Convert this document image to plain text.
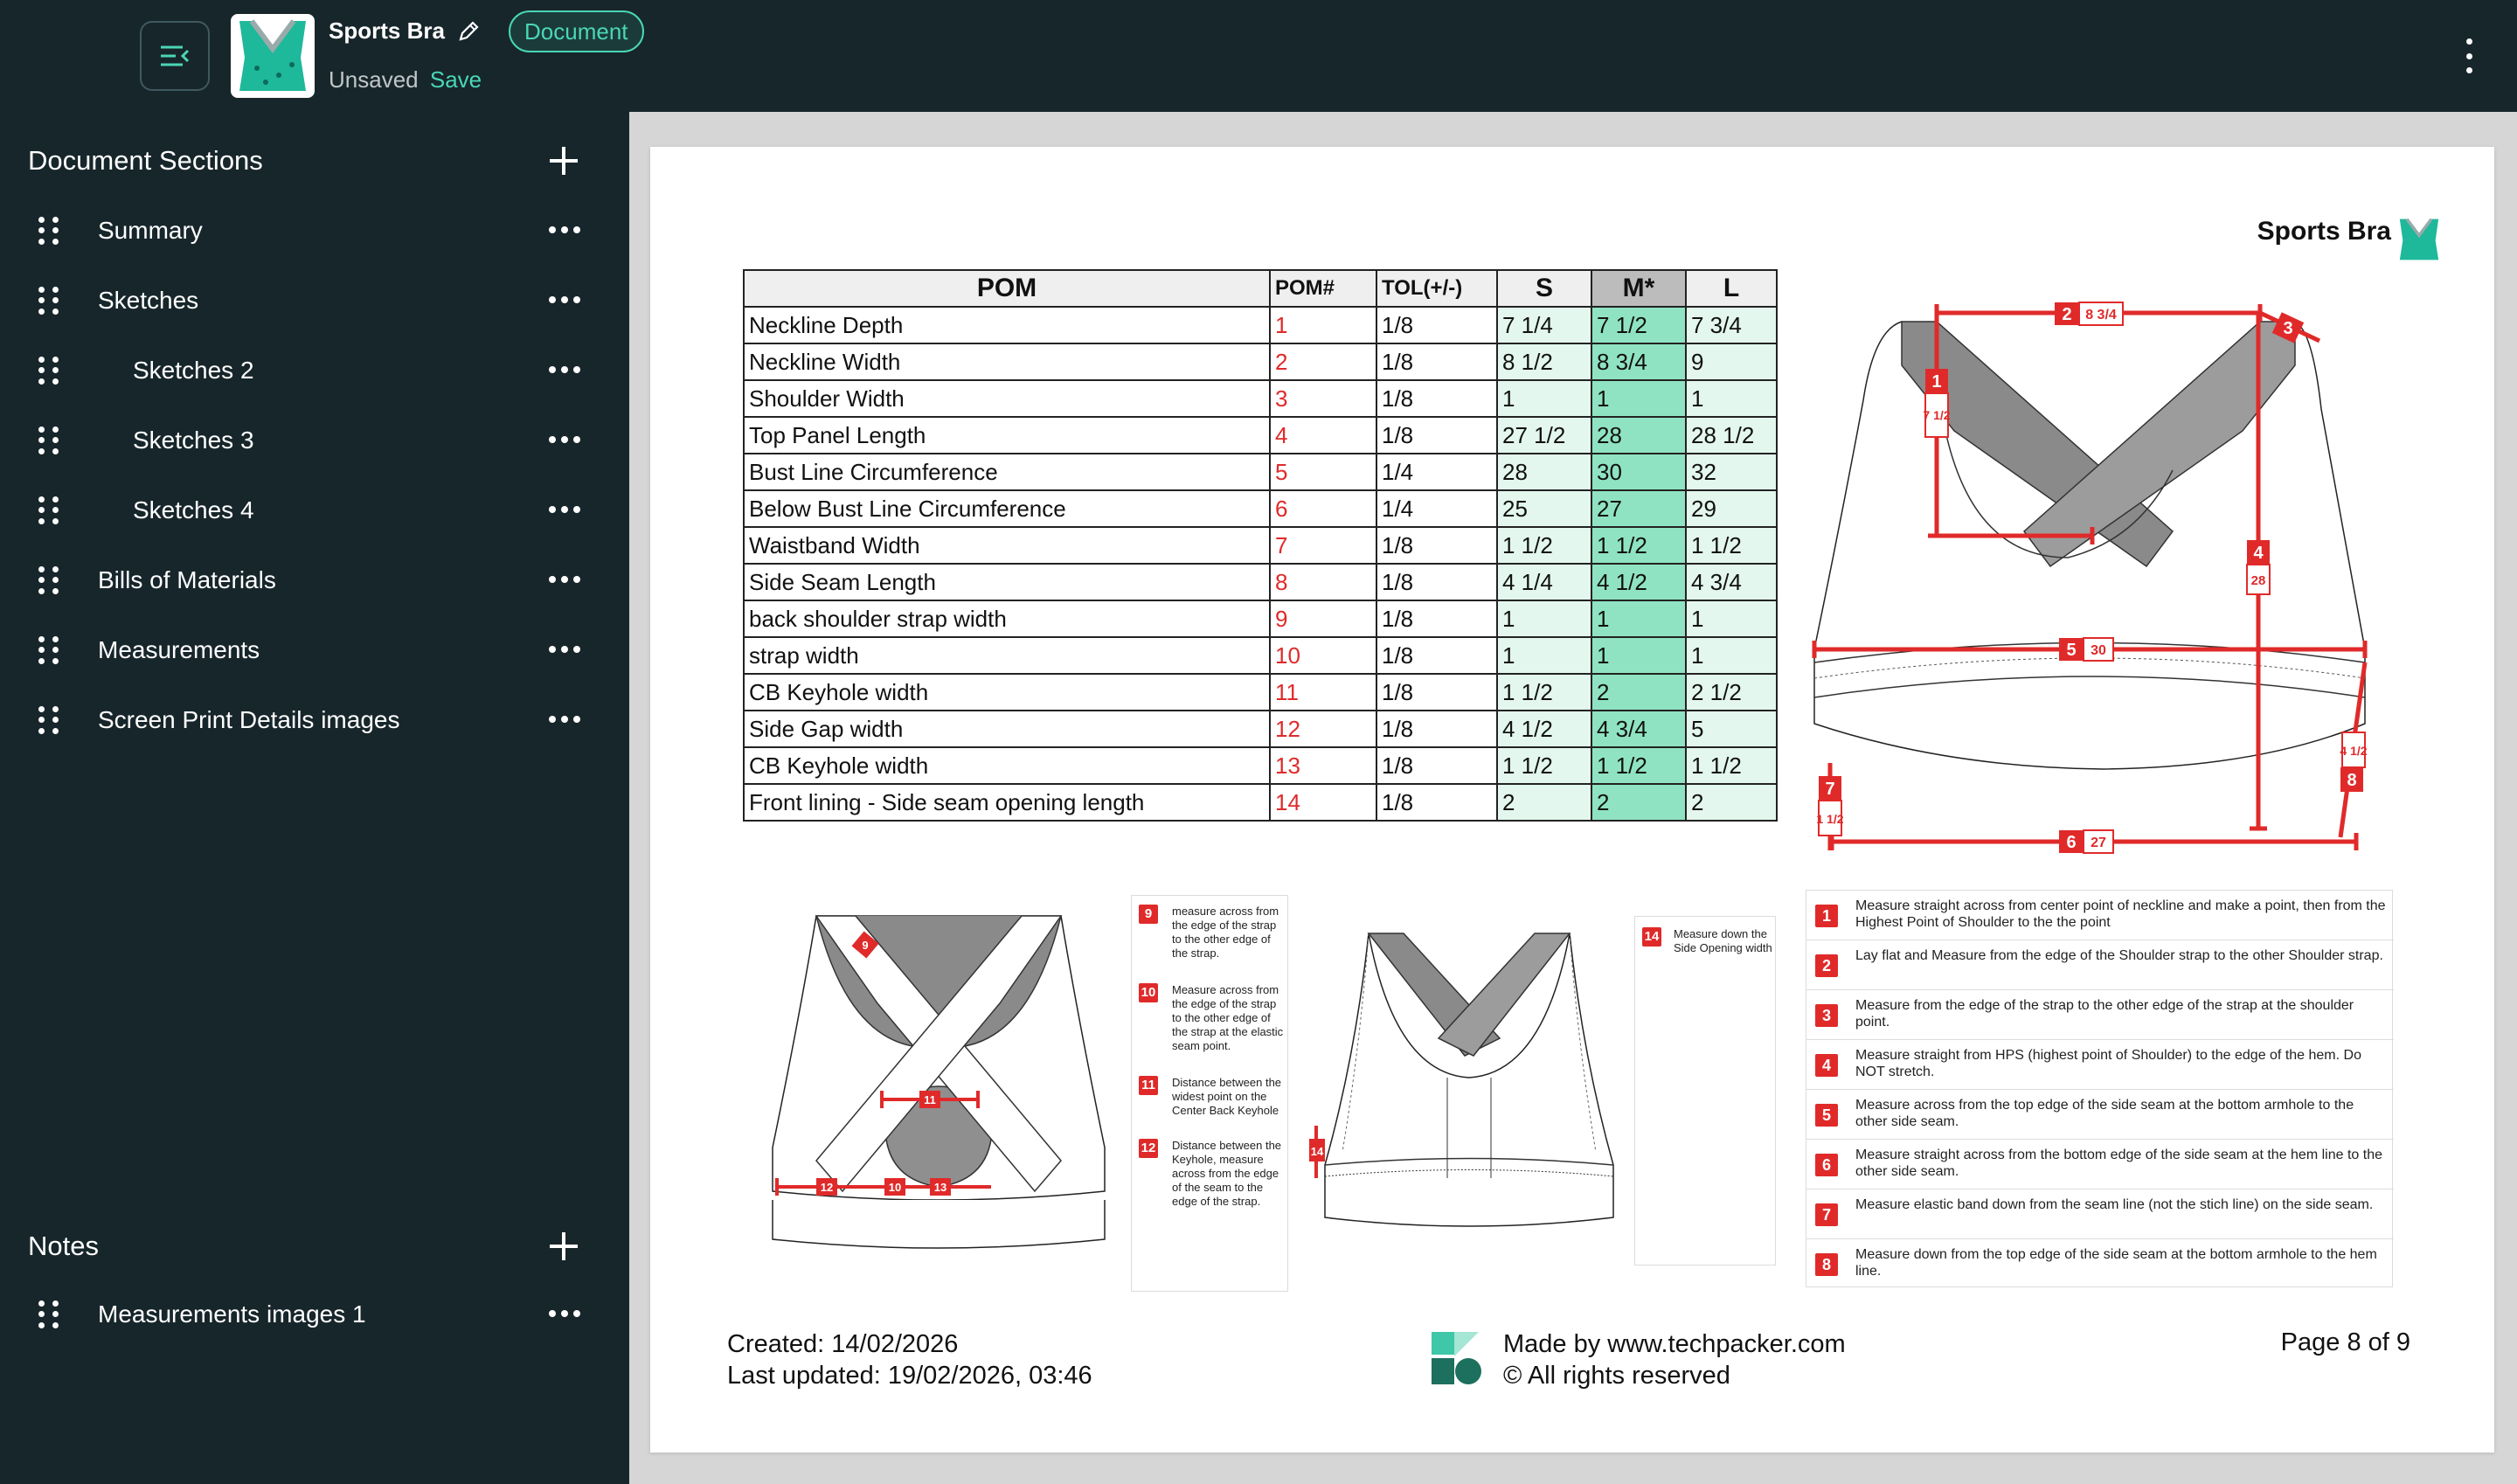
Sports Bra	Document
Unsaved Save
Document Sections
Summary
Sketches
Sketches 2
Sketches 3
Sketches 4
Bills of Materials
Measurements
Screen Print Details images
Notes
Measurements images 1
Sports Bra
POM	POM#	TOL(+/-)	S	M*	L
Neckline Depth	1	1/8	7 1/4	7 1/2	7 3/4
Neckline Width	2	1/8	8 1/2	8 3/4	9
Shoulder Width	3	1/8	1	1	1
Top Panel Length	4	1/8	27 1/2	28	28 1/2
Bust Line Circumference	5	1/4	28	30	32
Below Bust Line Circumference	6	1/4	25	27	29
Waistband Width	7	1/8	1 1/2	1 1/2	1 1/2
Side Seam Length	8	1/8	4 1/4	4 1/2	4 3/4
back shoulder strap width	9	1/8	1	1	1
strap width	10	1/8	1	1	1
CB Keyhole width	11	1/8	1 1/2	2	2 1/2
Side Gap width	12	1/8	4 1/2	4 3/4	5
CB Keyhole width	13	1/8	1 1/2	1 1/2	1 1/2
Front lining - Side seam opening length	14	1/8	2	2	2
2 8 3/4
3
1
7 1/2
4
28
5 30
6 27
7
1 1/2
8
4 1/2
9
11
12	10	13
9	measure across from the edge of the strap to the other edge of the strap.
10 Measure across from the edge of the strap to the other edge of the strap at the elastic seam point.
11 Distance between the widest point on the Center Back Keyhole
12 Distance between the Keyhole, measure across from the edge of the seam to the edge of the strap.
14
14 Measure down the Side Opening width
1
Measure straight across from center point of neckline and make a point, then from the Highest Point of Shoulder to the the point
2
Lay flat and Measure from the edge of the Shoulder strap to the other Shoulder strap.
3
Measure from the edge of the strap to the other edge of the strap at the shoulder point.
4
Measure straight from HPS (highest point of Shoulder) to the edge of the hem. Do NOT stretch.
5
Measure across from the top edge of the side seam at the bottom armhole to the other side seam.
6
Measure straight across from the bottom edge of the side seam at the hem line to the other side seam.
7
Measure elastic band down from the seam line (not the stich line) on the side seam.
8
Measure down from the top edge of the side seam at the bottom armhole to the hem line.
Created: 14/02/2026
Last updated: 19/02/2026, 03:46
Made by www.techpacker.com
© All rights reserved
Page 8 of 9
